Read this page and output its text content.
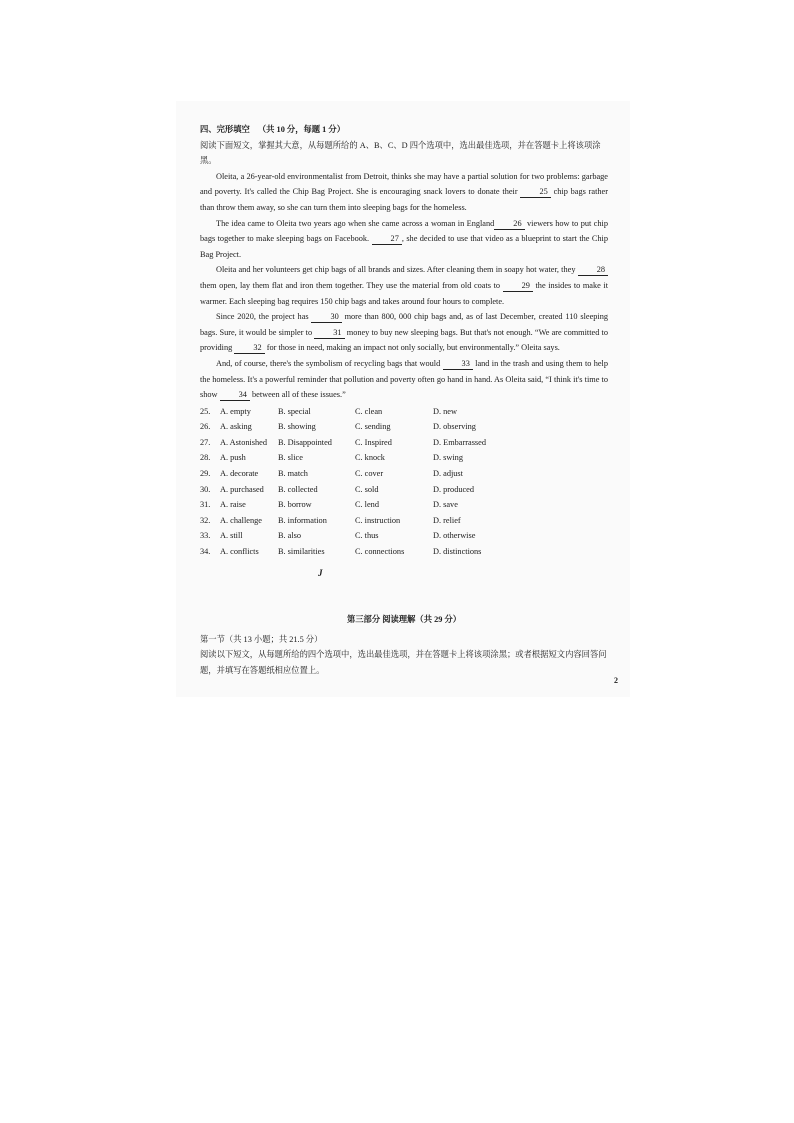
四、完形填空 （共 10 分，每题 1 分）

阅读下面短文，掌握其大意，从每题所给的 A、B、C、D 四个选项中，选出最佳选项，并在答题卡上将该项涂黑。

Oleita, a 26-year-old environmentalist from Detroit, thinks she may have a partial solution for two problems: garbage and poverty. It's called the Chip Bag Project. She is encouraging snack lovers to donate their	25 chip bags rather than throw them away, so she can turn them into sleeping bags for the homeless.

The idea came to Oleita two years ago when she came across a woman in England 26 viewers how to put chip bags together to make sleeping bags on Facebook.	27 , she decided to use that video as a blueprint to start the Chip Bag Project.

Oleita and her volunteers get chip bags of all brands and sizes. After cleaning them in soapy hot water, they	28 them open, lay them flat and iron them together. They use the material from old coats to	29 the insides to make it warmer. Each sleeping bag requires 150 chip bags and takes around four hours to complete.

Since 2020, the project has	30 more than 800, 000 chip bags and, as of last December, created 110 sleeping bags. Sure, it would be simpler to	31 money to buy new sleeping bags. But that's not enough. “We are committed to providing	32 for those in need, making an impact not only socially, but environmentally.” Oleita says.

And, of course, there's the symbolism of recycling bags that would	33 land in the trash and using them to help the homeless. It's a powerful reminder that pollution and poverty often go hand in hand. As Oleita said, “I think it's time to show	34 between all of these issues.”

25.	A. empty	B. special	C. clean	D. new
26.	A. asking	B. showing	C. sending	D. observing
27.	A. Astonished	B. Disappointed	C. Inspired	D. Embarrassed
28.	A. push	B. slice	C. knock	D. swing
29.	A. decorate	B. match	C. cover	D. adjust
30.	A. purchased	B. collected	C. sold	D. produced
31.	A. raise	B. borrow	C. lend	D. save
32.	A. challenge	B. information	C. instruction	D. relief
33.	A. still	B. also	C. thus	D. otherwise
34.	A. conflicts	B. similarities	C. connections	D. distinctions
J
第三部分 阅读理解（共 29 分）
第一节（共 13 小题；共 21.5 分）
阅读以下短文，从每题所给的四个选项中，选出最佳选项，并在答题卡上将该项涂黑；或者根据短文内容回答问题，并填写在答题纸相应位置上。
2
